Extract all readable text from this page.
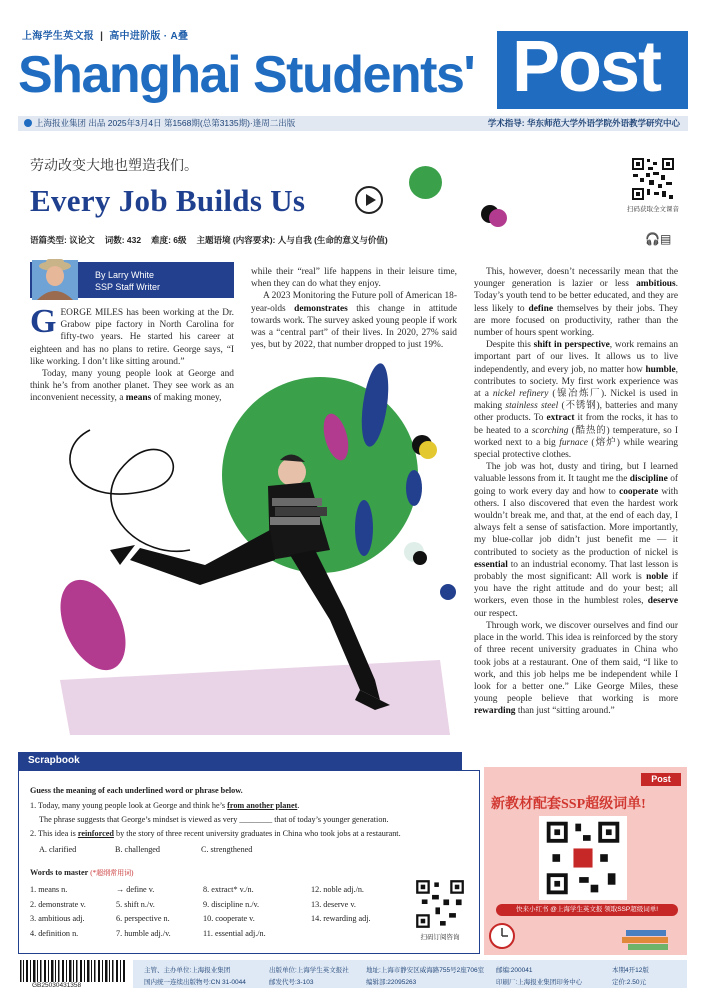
上海学生英文报 | 高中进阶版 · A叠
Shanghai Students' Post
上海报业集团 出品 2025年3月4日 第1568期(总第3135期)·逢周二出版	学术指导: 华东师范大学外语学院外语教学研究中心
劳动改变大地也塑造我们。
Every Job Builds Us
语篇类型: 议论文 词数: 432 难度: 6级 主题语境 (内容要求): 人与自我 (生命的意义与价值)
扫码获取全文课音
🎧▤
By Larry White
SSP Staff Writer

GEORGE MILES has been working at the Dr. Grabow pipe factory in North Carolina for fifty-two years. He started his career at eighteen and has no plans to retire. George says, “I like working. I don’t like sitting around.”

Today, many young people look at George and think he’s from another planet. They see work as an inconvenient necessity, a means of making money,

while their “real” life happens in their leisure time, when they can do what they enjoy.

A 2023 Monitoring the Future poll of American 18-year-olds demonstrates this change in attitude towards work. The survey asked young people if work was a “central part” of their lives. In 2020, 27% said yes, but by 2022, that number dropped to just 19%.

This, however, doesn’t necessarily mean that the younger generation is lazier or less ambitious. Today’s youth tend to be better educated, and they are less likely to define themselves by their jobs. They are more focused on productivity, rather than the number of hours spent working.

Despite this shift in perspective, work remains an important part of our lives. It allows us to live independently, and every job, no matter how humble, contributes to society. My first work experience was at a nickel refinery (镍冶炼厂). Nickel is used in making stainless steel (不锈钢), batteries and many other products. To extract it from the rocks, it has to be heated to a scorching (酷热的) temperature, so I worked next to a big furnace (熔炉) while wearing special protective clothes.

The job was hot, dusty and tiring, but I learned valuable lessons from it. It taught me the discipline of going to work every day and how to cooperate with others. I also discovered that even the hardest work wouldn’t break me, and that, at the end of each day, I always felt a sense of satisfaction. More importantly, my blue-collar job didn’t just benefit me — it contributed to society as the production of nickel is essential to an industrial economy. That last lesson is probably the most significant: All work is noble if you have the right attitude and do your best; all workers, even those in the humblest roles, deserve our respect.

Through work, we discover ourselves and find our place in the world. This idea is reinforced by the story of three recent university graduates in China who took jobs at a restaurant. One of them said, “I like to work, and this job helps me be independent while I look for a better one.” Like George Miles, these young people believe that working is more rewarding than just “sitting around.”

Scrapbook
Guess the meaning of each underlined word or phrase below.
1. Today, many young people look at George and think he’s from another planet.
The phrase suggests that George’s mindset is viewed as very ________ that of today’s younger generation.
2. This idea is reinforced by the story of three recent university graduates in China who took jobs at a restaurant.
A. clarified	B. challenged	C. strengthened
Words to master (*超纲常用词)
1. means n.
2. demonstrate v.
3. ambitious adj.
4. definition n.
→ define v.
5. shift n./v.
6. perspective n.
7. humble adj./v.
8. extract* v./n.
9. discipline n./v.
10. cooperate v.
11. essential adj./n.
12. noble adj./n.
13. deserve v.
14. rewarding adj.
扫码订阅咨询
Post
新教材配套SSP超级词单!
快来小红书 @上海学生英文报 领取SSP超级词单!
GB25030431358
主管、主办单位:上海报业集团	出版单位:上海学生英文报社	地址:上海市静安区威海路755号2座706室 邮编:200041	本期4开12版
国内统一连续出版物号:CN 31-0044	邮发代号:3-103	编辑部:22095263	印刷厂:上海报业集团印务中心	定价:2.50元
